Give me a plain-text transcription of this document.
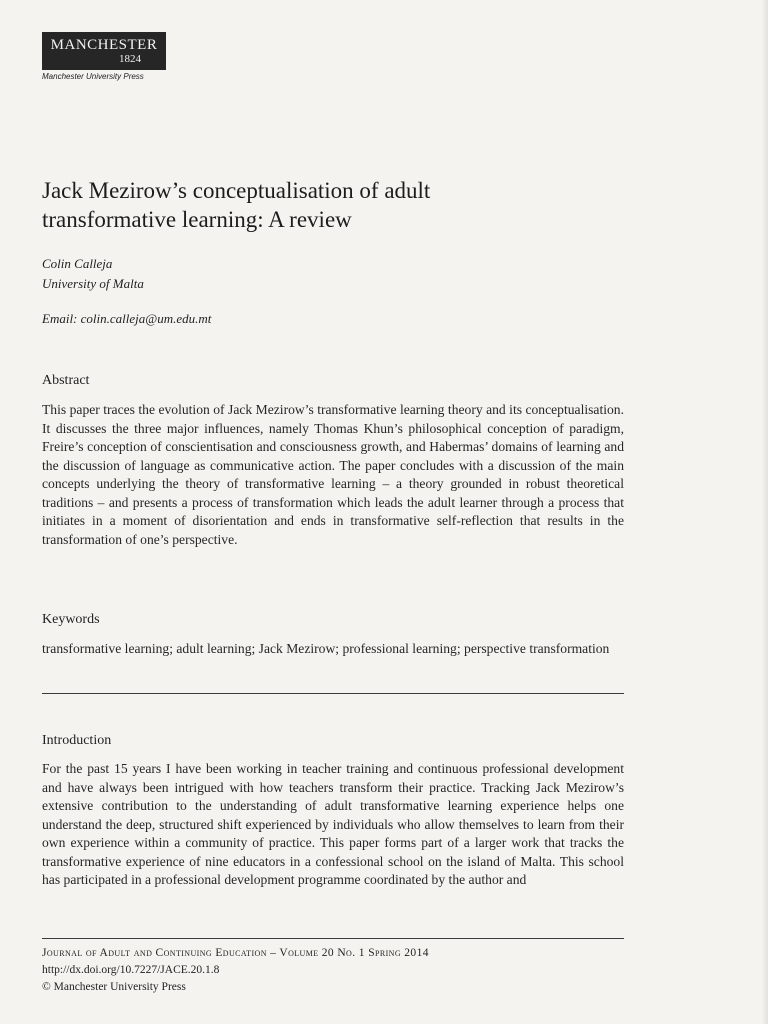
MANCHESTER
1824
Manchester University Press
Jack Mezirow’s conceptualisation of adult transformative learning: A review
Colin Calleja
University of Malta
Email: colin.calleja@um.edu.mt
Abstract

This paper traces the evolution of Jack Mezirow’s transformative learning theory and its conceptualisation. It discusses the three major influences, namely Thomas Khun’s philosophical conception of paradigm, Freire’s conception of conscientisation and consciousness growth, and Habermas’ domains of learning and the discussion of language as communicative action. The paper concludes with a discussion of the main concepts underlying the theory of transformative learning – a theory grounded in robust theoretical traditions – and presents a process of transformation which leads the adult learner through a process that initiates in a moment of disorientation and ends in transformative self-reflection that results in the transformation of one’s perspective.

Keywords

transformative learning; adult learning; Jack Mezirow; professional learning; perspective transformation

Introduction

For the past 15 years I have been working in teacher training and continuous professional development and have always been intrigued with how teachers transform their practice. Tracking Jack Mezirow’s extensive contribution to the understanding of adult transformative learning experience helps one understand the deep, structured shift experienced by individuals who allow themselves to learn from their own experience within a community of practice. This paper forms part of a larger work that tracks the transformative experience of nine educators in a confessional school on the island of Malta. This school has participated in a professional development programme coordinated by the author and

Journal of Adult and Continuing Education – Volume 20 No. 1 Spring 2014
http://dx.doi.org/10.7227/JACE.20.1.8
© Manchester University Press
